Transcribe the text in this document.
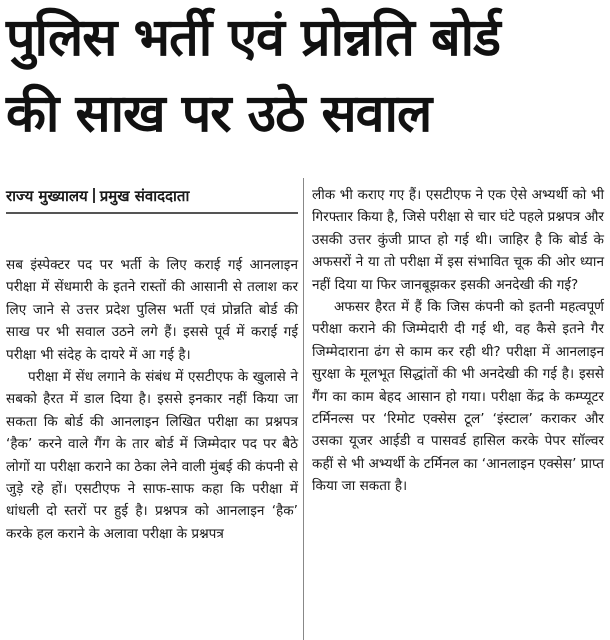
पुलिस भर्ती एवं प्रोन्नति बोर्ड
की साख पर उठे सवाल
राज्य मुख्यालय प्रमुख संवाददाता

सब इंस्पेक्टर पद पर भर्ती के लिए कराई गई आनलाइन परीक्षा में सेंधमारी के इतने रास्तों की आसानी से तलाश कर लिए जाने से उत्तर प्रदेश पुलिस भर्ती एवं प्रोन्नति बोर्ड की साख पर भी सवाल उठने लगे हैं। इससे पूर्व में कराई गई परीक्षा भी संदेह के दायरे में आ गई है।

परीक्षा में सेंध लगाने के संबंध में एसटीएफ के खुलासे ने सबको हैरत में डाल दिया है। इससे इनकार नहीं किया जा सकता कि बोर्ड की आनलाइन लिखित परीक्षा का प्रश्नपत्र ‘हैक’ करने वाले गैंग के तार बोर्ड में जिम्मेदार पद पर बैठे लोगों या परीक्षा कराने का ठेका लेने वाली मुंबई की कंपनी से जुड़े रहे हों। एसटीएफ ने साफ-साफ कहा कि परीक्षा में धांधली दो स्तरों पर हुई है। प्रश्नपत्र को आनलाइन ‘हैक’ करके हल कराने के अलावा परीक्षा के प्रश्नपत्र

लीक भी कराए गए हैं। एसटीएफ ने एक ऐसे अभ्यर्थी को भी गिरफ्तार किया है, जिसे परीक्षा से चार घंटे पहले प्रश्नपत्र और उसकी उत्तर कुंजी प्राप्त हो गई थी। जाहिर है कि बोर्ड के अफसरों ने या तो परीक्षा में इस संभावित चूक की ओर ध्यान नहीं दिया या फिर जानबूझकर इसकी अनदेखी की गई?

अफसर हैरत में हैं कि जिस कंपनी को इतनी महत्वपूर्ण परीक्षा कराने की जिम्मेदारी दी गई थी, वह कैसे इतने गैर जिम्मेदाराना ढंग से काम कर रही थी? परीक्षा में आनलाइन सुरक्षा के मूलभूत सिद्धांतों की भी अनदेखी की गई है। इससे गैंग का काम बेहद आसान हो गया। परीक्षा केंद्र के कम्प्यूटर टर्मिनल्स पर ‘रिमोट एक्सेस टूल’ ‘इंस्टाल’ कराकर और उसका यूजर आईडी व पासवर्ड हासिल करके पेपर सॉल्वर कहीं से भी अभ्यर्थी के टर्मिनल का ‘आनलाइन एक्सेस’ प्राप्त किया जा सकता है।
